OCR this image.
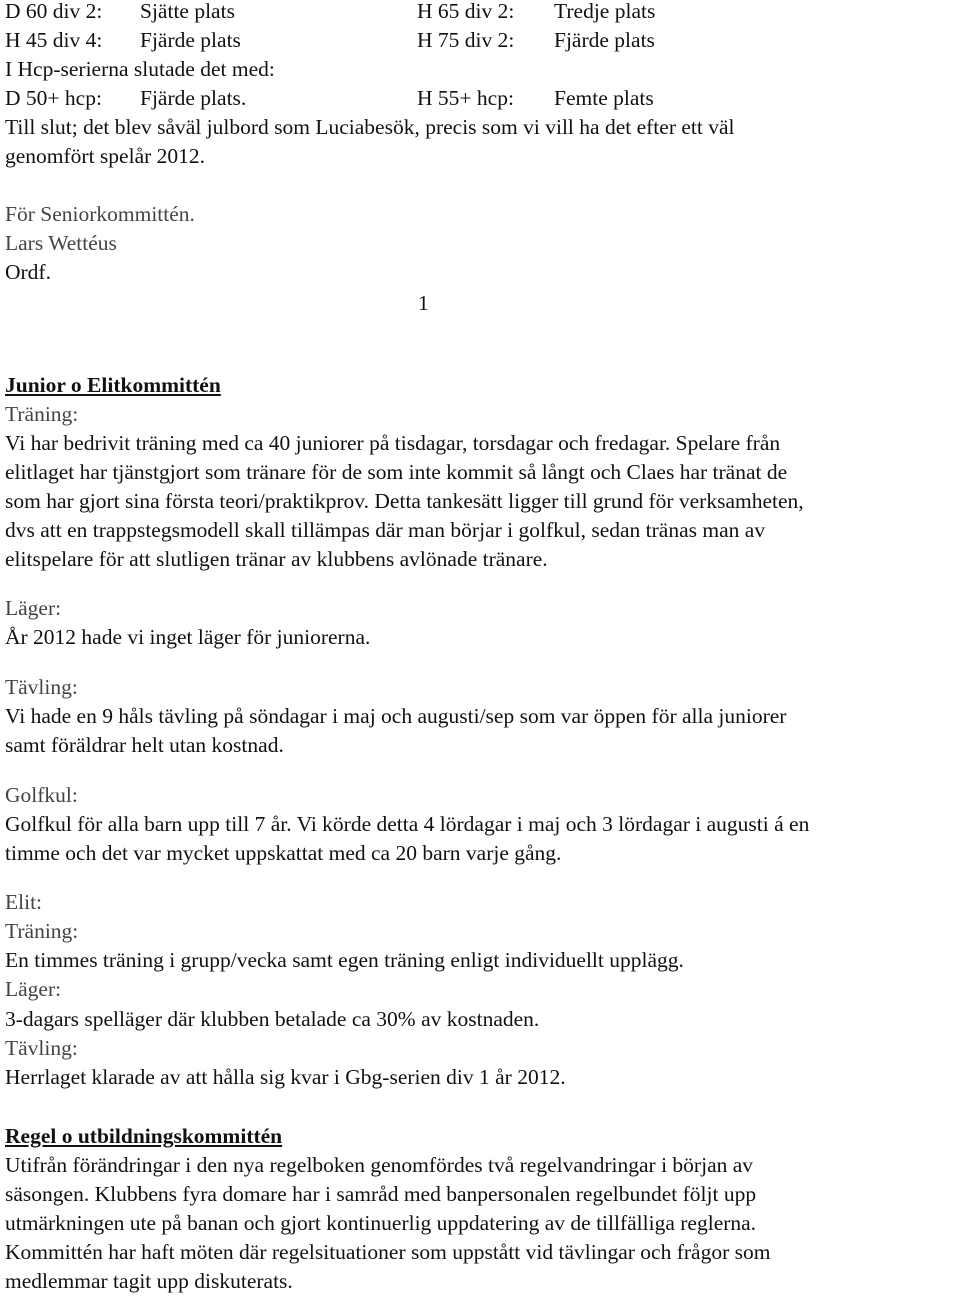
D 60 div 2: Sjätte plats	H 65 div 2: Tredje plats
H 45 div 4: Fjärde plats	H 75 div 2: Fjärde plats
I Hcp-serierna slutade det med:
D 50+ hcp: Fjärde plats.	H 55+ hcp: Femte plats
Till slut; det blev såväl julbord som Luciabesök, precis som vi vill ha det efter ett väl
genomfört spelår 2012.
För Seniorkommittén.
Lars Wettéus
Ordf.
1
Junior o Elitkommittén
Träning:
Vi har bedrivit träning med ca 40 juniorer på tisdagar, torsdagar och fredagar. Spelare från
elitlaget har tjänstgjort som tränare för de som inte kommit så långt och Claes har tränat de
som har gjort sina första teori/praktikprov. Detta tankesätt ligger till grund för verksamheten,
dvs att en trappstegsmodell skall tillämpas där man börjar i golfkul, sedan tränas man av
elitspelare för att slutligen tränar av klubbens avlönade tränare.
Läger:
År 2012 hade vi inget läger för juniorerna.
Tävling:
Vi hade en 9 håls tävling på söndagar i maj och augusti/sep som var öppen för alla juniorer
samt föräldrar helt utan kostnad.
Golfkul:
Golfkul för alla barn upp till 7 år. Vi körde detta 4 lördagar i maj och 3 lördagar i augusti á en
timme och det var mycket uppskattat med ca 20 barn varje gång.
Elit:
Träning:
En timmes träning i grupp/vecka samt egen träning enligt individuellt upplägg.
Läger:
3-dagars spelläger där klubben betalade ca 30% av kostnaden.
Tävling:
Herrlaget klarade av att hålla sig kvar i Gbg-serien div 1 år 2012.
Regel o utbildningskommittén
Utifrån förändringar i den nya regelboken genomfördes två regelvandringar i början av
säsongen. Klubbens fyra domare har i samråd med banpersonalen regelbundet följt upp
utmärkningen ute på banan och gjort kontinuerlig uppdatering av de tillfälliga reglerna.
Kommittén har haft möten där regelsituationer som uppstått vid tävlingar och frågor som
medlemmar tagit upp diskuterats.
